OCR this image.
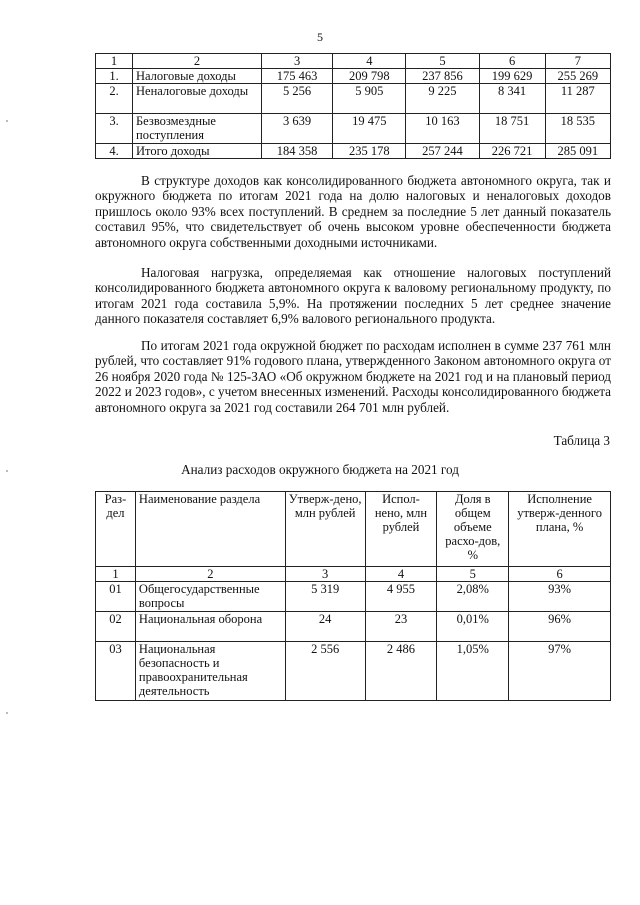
5
1	2	3	4	5	6	7
1.	Налоговые доходы	175 463	209 798	237 856	199 629	255 269
2.	Неналоговые доходы	5 256	5 905	9 225	8 341	11 287
3.	Безвозмездные поступления	3 639	19 475	10 163	18 751	18 535
4.	Итого доходы	184 358	235 178	257 244	226 721	285 091

В структуре доходов как консолидированного бюджета автономного округа, так и окружного бюджета по итогам 2021 года на долю налоговых и неналоговых доходов пришлось около 93% всех поступлений. В среднем за последние 5 лет данный показатель составил 95%, что свидетельствует об очень высоком уровне обеспеченности бюджета автономного округа собственными доходными источниками.

Налоговая нагрузка, определяемая как отношение налоговых поступлений консолидированного бюджета автономного округа к валовому региональному продукту, по итогам 2021 года составила 5,9%. На протяжении последних 5 лет среднее значение данного показателя составляет 6,9% валового регионального продукта.

По итогам 2021 года окружной бюджет по расходам исполнен в сумме 237 761 млн рублей, что составляет 91% годового плана, утвержденного Законом автономного округа от 26 ноября 2020 года № 125-ЗАО «Об окружном бюджете на 2021 год и на плановый период 2022 и 2023 годов», с учетом внесенных изменений. Расходы консолидированного бюджета автономного округа за 2021 год составили 264 701 млн рублей.

Таблица 3
Анализ расходов окружного бюджета на 2021 год
Раз-дел	Наименование раздела	Утверж-дено, млн рублей	Испол-нено, млн рублей	Доля в общем объеме расхо-дов, %	Исполнение утверж-денного плана, %
1	2	3	4	5	6
01	Общегосударственные вопросы	5 319	4 955	2,08%	93%
02	Национальная оборона	24	23	0,01%	96%
03	Национальная безопасность и правоохранительная деятельность	2 556	2 486	1,05%	97%
